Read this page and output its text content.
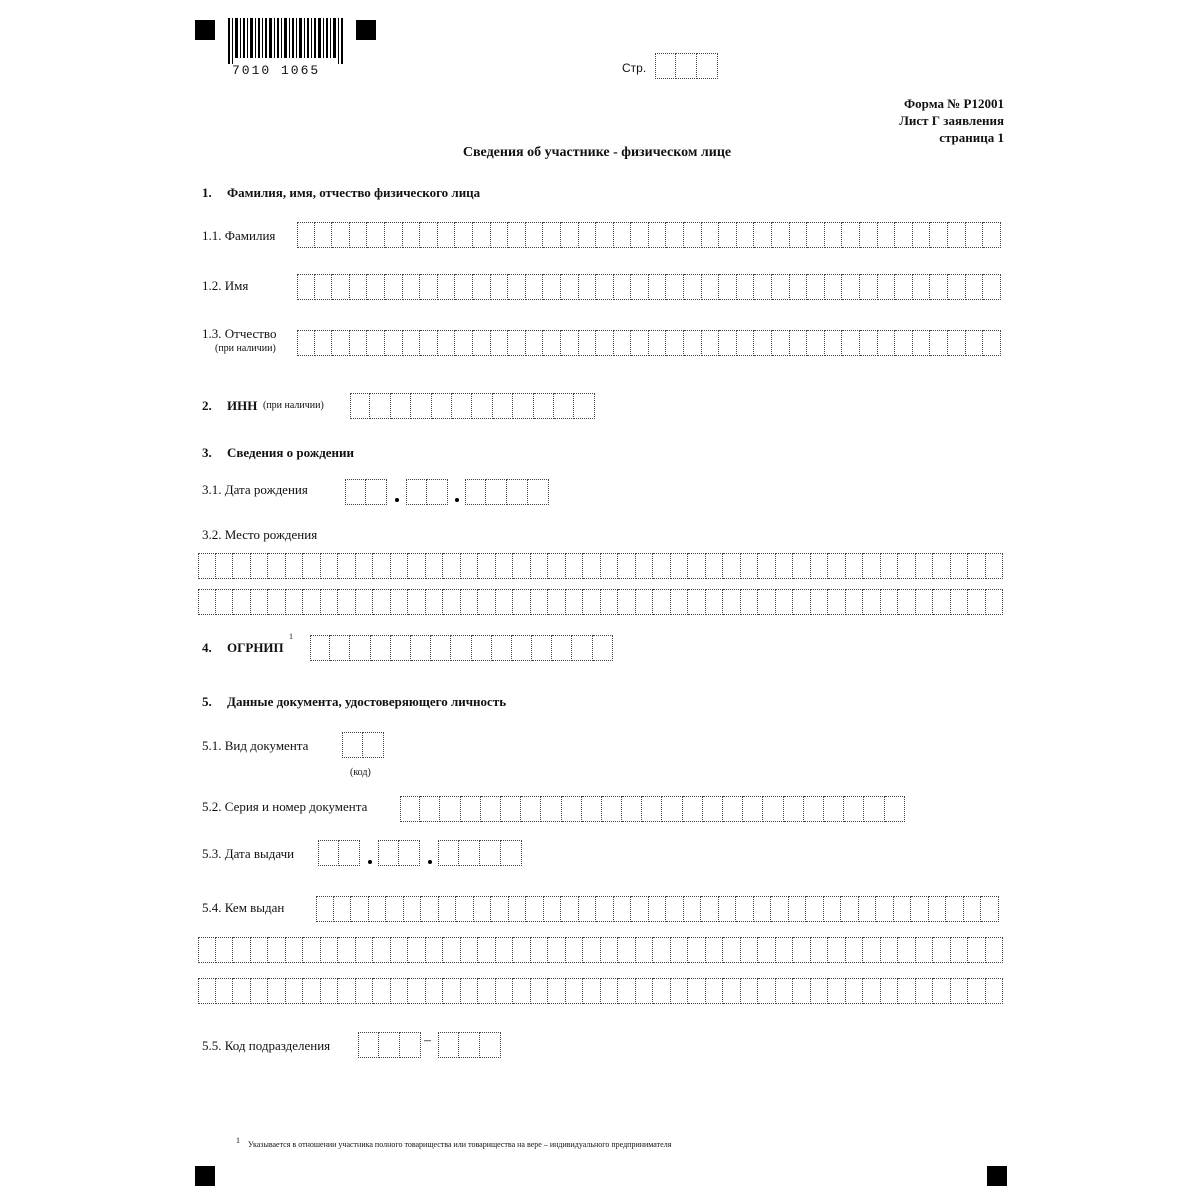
7010 1065	Стр.
Форма № Р12001
Лист Г заявления
страница 1
Сведения об участнике - физическом лице
1. Фамилия, имя, отчество физического лица
1.1. Фамилия
1.2. Имя
1.3. Отчество
(при наличии)
2. ИНН (при наличии)
3. Сведения о рождении
3.1. Дата рождения
3.2. Место рождения
4. ОГРНИП
1
5. Данные документа, удостоверяющего личность
5.1. Вид документа
(код)
5.2. Серия и номер документа
5.3. Дата выдачи
5.4. Кем выдан
5.5. Код подразделения	–
$^1$ Указывается в отношении участника полного товарищества или товарищества на вере – индивидуального предпринимателя
